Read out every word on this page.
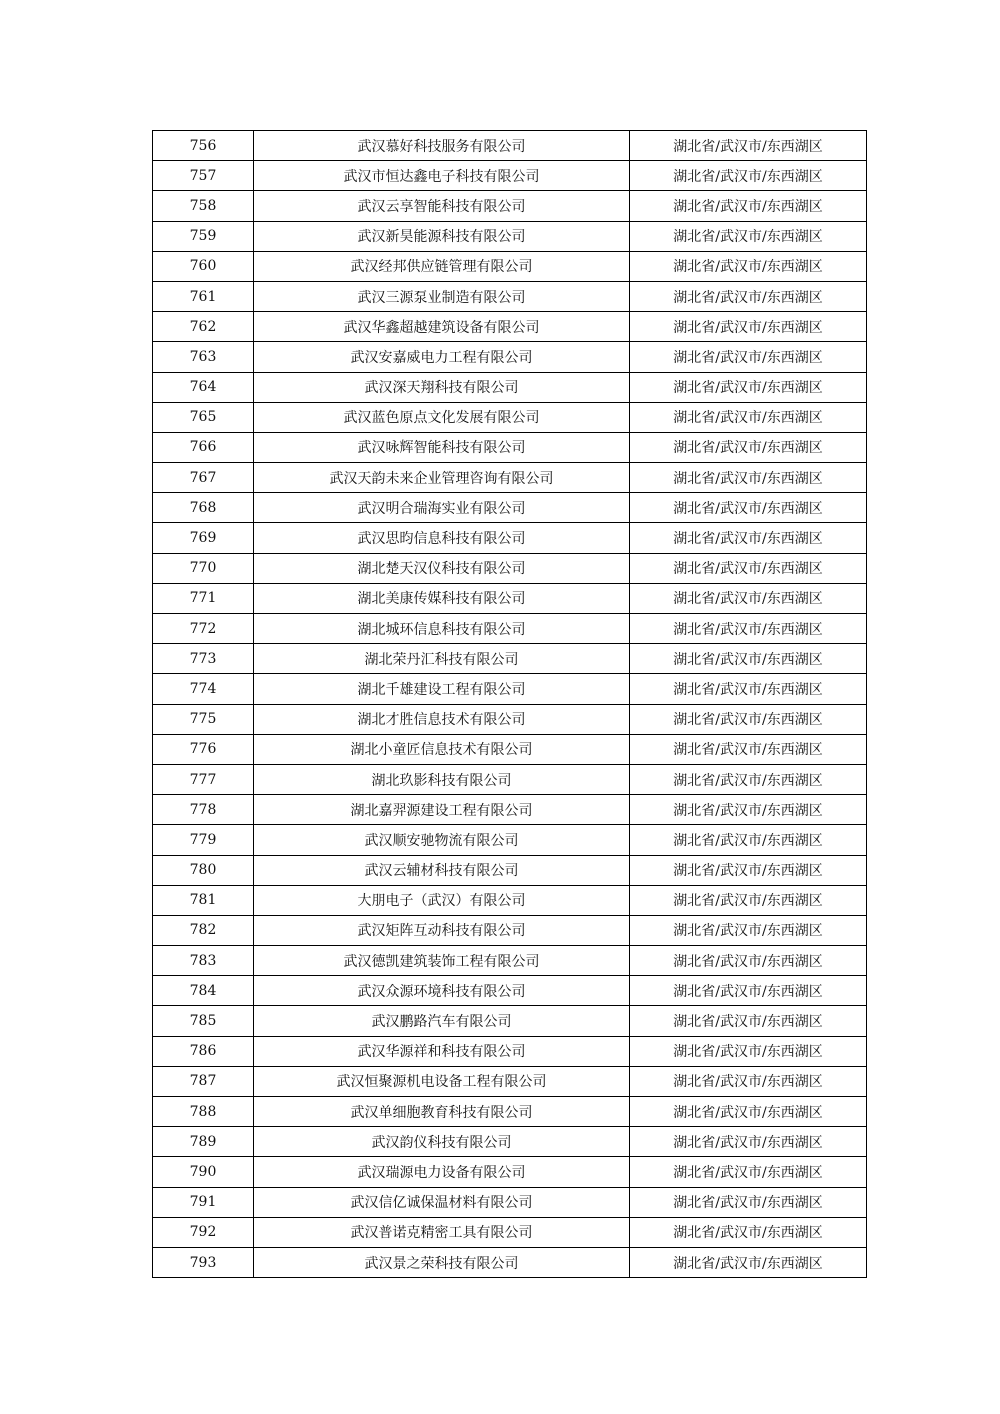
756	武汉慕好科技服务有限公司	湖北省/武汉市/东西湖区
757	武汉市恒达鑫电子科技有限公司	湖北省/武汉市/东西湖区
758	武汉云享智能科技有限公司	湖北省/武汉市/东西湖区
759	武汉新昊能源科技有限公司	湖北省/武汉市/东西湖区
760	武汉经邦供应链管理有限公司	湖北省/武汉市/东西湖区
761	武汉三源泵业制造有限公司	湖北省/武汉市/东西湖区
762	武汉华鑫超越建筑设备有限公司	湖北省/武汉市/东西湖区
763	武汉安嘉威电力工程有限公司	湖北省/武汉市/东西湖区
764	武汉深天翔科技有限公司	湖北省/武汉市/东西湖区
765	武汉蓝色原点文化发展有限公司	湖北省/武汉市/东西湖区
766	武汉咏辉智能科技有限公司	湖北省/武汉市/东西湖区
767	武汉天韵未来企业管理咨询有限公司	湖北省/武汉市/东西湖区
768	武汉明合瑞海实业有限公司	湖北省/武汉市/东西湖区
769	武汉思昀信息科技有限公司	湖北省/武汉市/东西湖区
770	湖北楚天汉仪科技有限公司	湖北省/武汉市/东西湖区
771	湖北美康传媒科技有限公司	湖北省/武汉市/东西湖区
772	湖北城环信息科技有限公司	湖北省/武汉市/东西湖区
773	湖北荣丹汇科技有限公司	湖北省/武汉市/东西湖区
774	湖北千雄建设工程有限公司	湖北省/武汉市/东西湖区
775	湖北才胜信息技术有限公司	湖北省/武汉市/东西湖区
776	湖北小童匠信息技术有限公司	湖北省/武汉市/东西湖区
777	湖北玖影科技有限公司	湖北省/武汉市/东西湖区
778	湖北嘉羿源建设工程有限公司	湖北省/武汉市/东西湖区
779	武汉顺安驰物流有限公司	湖北省/武汉市/东西湖区
780	武汉云辅材科技有限公司	湖北省/武汉市/东西湖区
781	大朋电子（武汉）有限公司	湖北省/武汉市/东西湖区
782	武汉矩阵互动科技有限公司	湖北省/武汉市/东西湖区
783	武汉德凯建筑装饰工程有限公司	湖北省/武汉市/东西湖区
784	武汉众源环境科技有限公司	湖北省/武汉市/东西湖区
785	武汉鹏路汽车有限公司	湖北省/武汉市/东西湖区
786	武汉华源祥和科技有限公司	湖北省/武汉市/东西湖区
787	武汉恒聚源机电设备工程有限公司	湖北省/武汉市/东西湖区
788	武汉单细胞教育科技有限公司	湖北省/武汉市/东西湖区
789	武汉韵仪科技有限公司	湖北省/武汉市/东西湖区
790	武汉瑞源电力设备有限公司	湖北省/武汉市/东西湖区
791	武汉信亿诚保温材料有限公司	湖北省/武汉市/东西湖区
792	武汉普诺克精密工具有限公司	湖北省/武汉市/东西湖区
793	武汉景之荣科技有限公司	湖北省/武汉市/东西湖区
